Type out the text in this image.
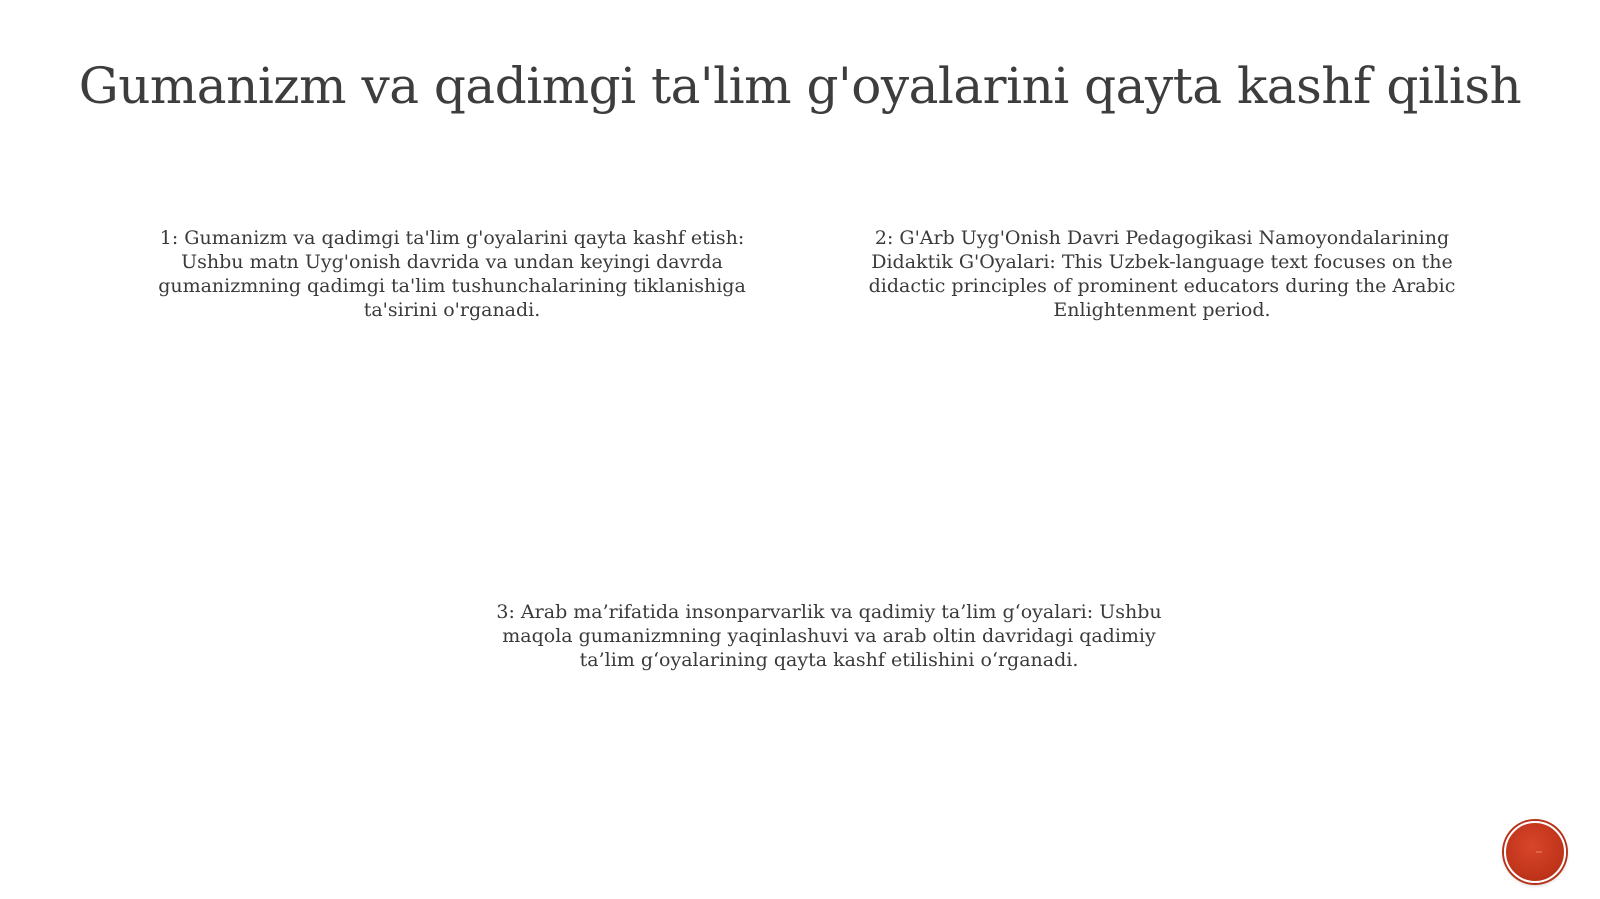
Gumanizm va qadimgi ta'lim g'oyalarini qayta kashf qilish
1: Gumanizm va qadimgi ta'lim g'oyalarini qayta kashf etish: Ushbu matn Uyg'onish davrida va undan keyingi davrda gumanizmning qadimgi ta'lim tushunchalarining tiklanishiga ta'sirini o'rganadi.
2: G'Arb Uyg'Onish Davri Pedagogikasi Namoyondalarining Didaktik G'Oyalari: This Uzbek-language text focuses on the didactic principles of prominent educators during the Arabic Enlightenment period.
3: Arab ma’rifatida insonparvarlik va qadimiy ta’lim g‘oyalari: Ushbu maqola gumanizmning yaqinlashuvi va arab oltin davridagi qadimiy ta’lim g‘oyalarining qayta kashf etilishini o‘rganadi.
